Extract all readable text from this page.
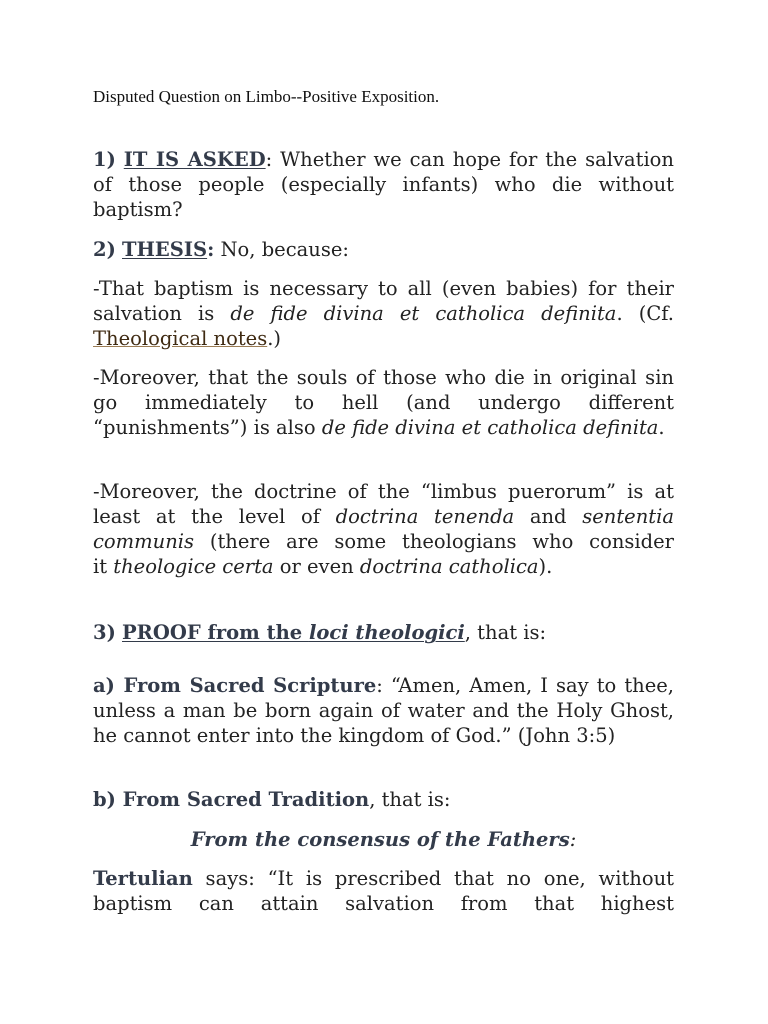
Disputed Question on Limbo--Positive Exposition.

1) IT IS ASKED: Whether we can hope for the salvation of those people (especially infants) who die without baptism?

2) THESIS: No, because:

-That baptism is necessary to all (even babies) for their salvation is de fide divina et catholica definita. (Cf. Theological notes.)

-Moreover, that the souls of those who die in original sin go immediately to hell (and undergo different “punishments”) is also de fide divina et catholica definita.

-Moreover, the doctrine of the “limbus puerorum” is at least at the level of doctrina tenenda and sententia communis (there are some theologians who consider it theologice certa or even doctrina catholica).

3) PROOF from the loci theologici, that is:

a) From Sacred Scripture: “Amen, Amen, I say to thee, unless a man be born again of water and the Holy Ghost, he cannot enter into the kingdom of God.” (John 3:5)

b) From Sacred Tradition, that is:

From the consensus of the Fathers:

Tertulian says: “It is prescribed that no one, without baptism can attain salvation from that highest
